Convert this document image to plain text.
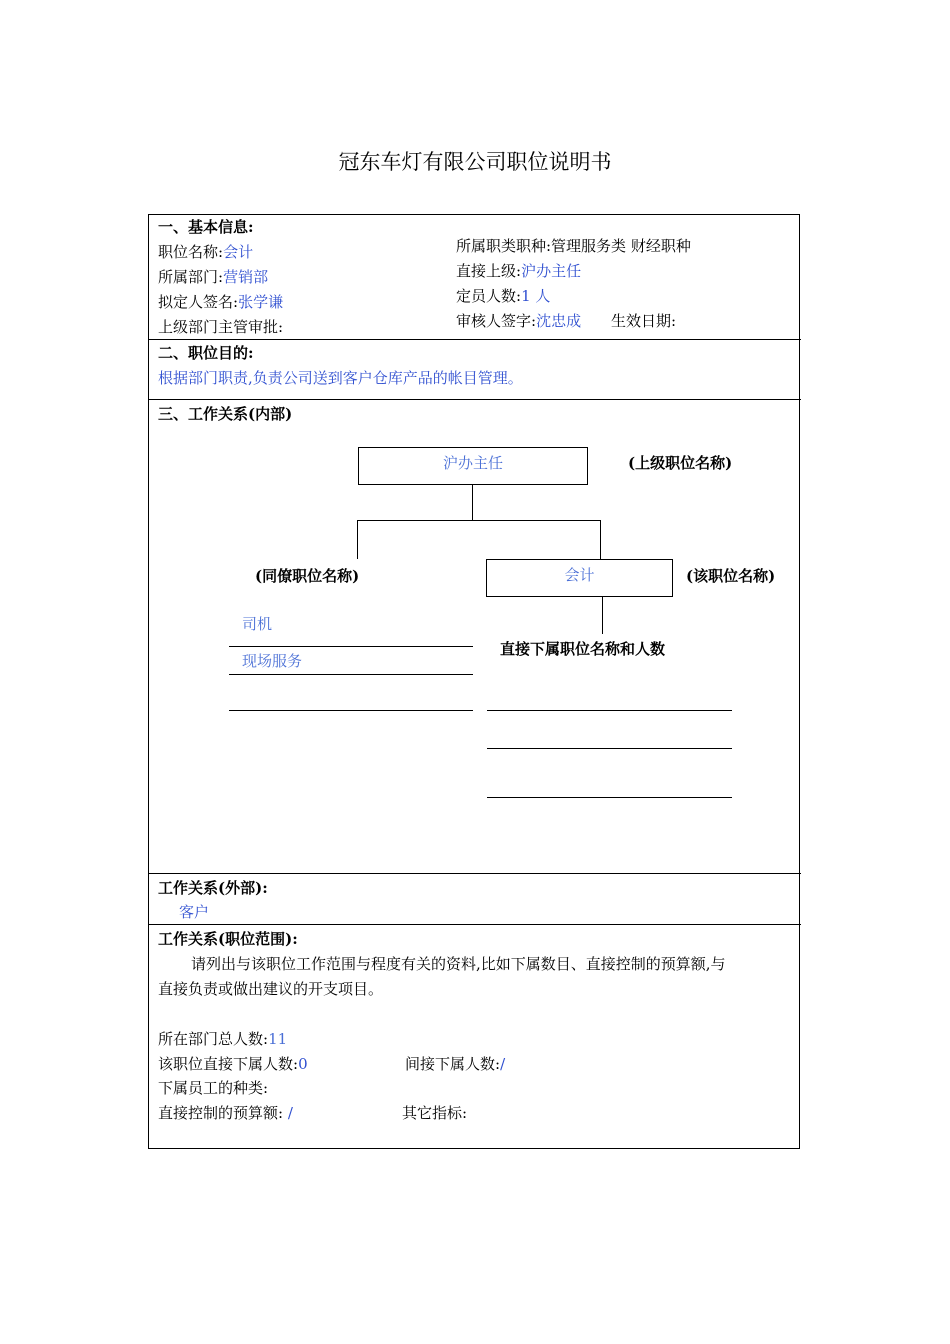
冠东车灯有限公司职位说明书
一、基本信息:
职位名称:会计
所属部门:营销部
拟定人签名:张学谦
上级部门主管审批:
所属职类职种:管理服务类 财经职种
直接上级:沪办主任
定员人数:1 人
审核人签字:沈忠成 生效日期:
二、职位目的:
根据部门职责,负责公司送到客户仓库产品的帐目管理。
三、工作关系(内部)
沪办主任	(上级职位名称)
(同僚职位名称)	会计	(该职位名称)
司机
现场服务
直接下属职位名称和人数
工作关系(外部):
客户
工作关系(职位范围):
请列出与该职位工作范围与程度有关的资料,比如下属数目、直接控制的预算额,与
直接负责或做出建议的开支项目。
所在部门总人数:11
该职位直接下属人数:0	间接下属人数:/
下属员工的种类:
直接控制的预算额: /	其它指标:
